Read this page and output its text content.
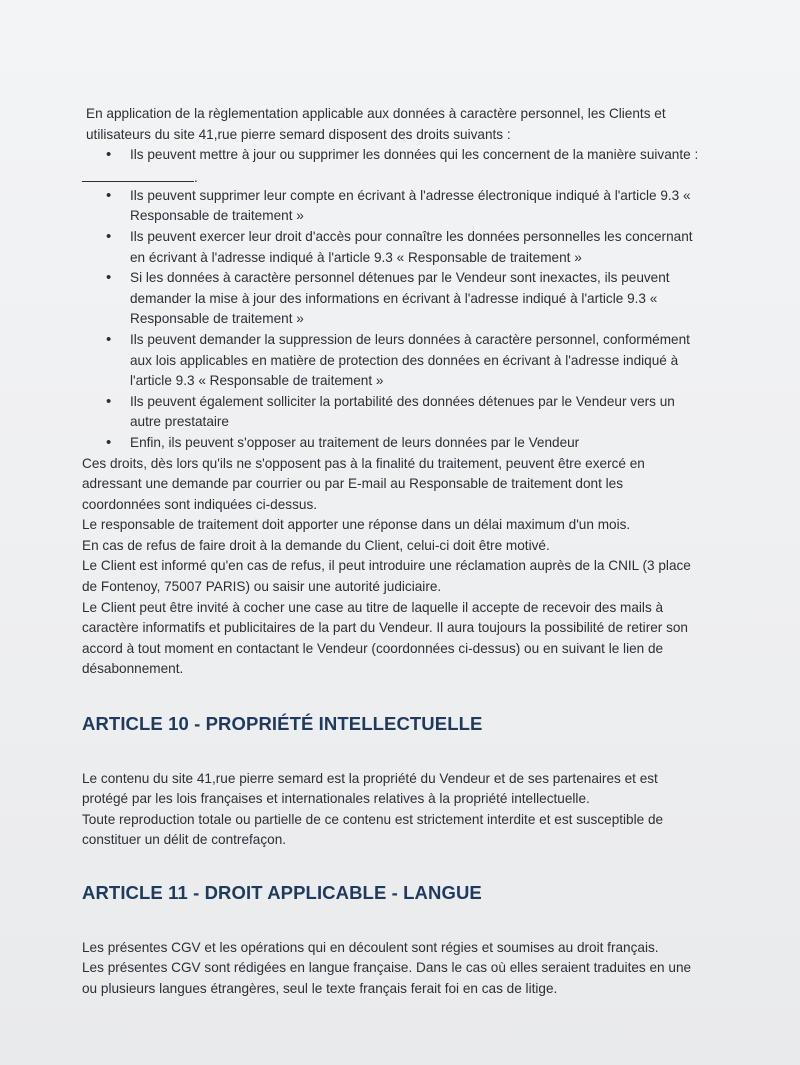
En application de la règlementation applicable aux données à caractère personnel, les Clients et utilisateurs du site 41,rue pierre semard disposent des droits suivants :

• Ils peuvent mettre à jour ou supprimer les données qui les concernent de la manière suivante :
.
• Ils peuvent supprimer leur compte en écrivant à l'adresse électronique indiqué à l'article 9.3 « Responsable de traitement »
• Ils peuvent exercer leur droit d'accès pour connaître les données personnelles les concernant en écrivant à l'adresse indiqué à l'article 9.3 « Responsable de traitement »
• Si les données à caractère personnel détenues par le Vendeur sont inexactes, ils peuvent demander la mise à jour des informations en écrivant à l'adresse indiqué à l'article 9.3 « Responsable de traitement »
• Ils peuvent demander la suppression de leurs données à caractère personnel, conformément aux lois applicables en matière de protection des données en écrivant à l'adresse indiqué à l'article 9.3 « Responsable de traitement »
• Ils peuvent également solliciter la portabilité des données détenues par le Vendeur vers un autre prestataire
• Enfin, ils peuvent s'opposer au traitement de leurs données par le Vendeur

Ces droits, dès lors qu'ils ne s'opposent pas à la finalité du traitement, peuvent être exercé en adressant une demande par courrier ou par E-mail au Responsable de traitement dont les coordonnées sont indiquées ci-dessus.

Le responsable de traitement doit apporter une réponse dans un délai maximum d'un mois.

En cas de refus de faire droit à la demande du Client, celui-ci doit être motivé.

Le Client est informé qu'en cas de refus, il peut introduire une réclamation auprès de la CNIL (3 place de Fontenoy, 75007 PARIS) ou saisir une autorité judiciaire.

Le Client peut être invité à cocher une case au titre de laquelle il accepte de recevoir des mails à caractère informatifs et publicitaires de la part du Vendeur. Il aura toujours la possibilité de retirer son accord à tout moment en contactant le Vendeur (coordonnées ci-dessus) ou en suivant le lien de désabonnement.

ARTICLE 10 - PROPRIÉTÉ INTELLECTUELLE

Le contenu du site 41,rue pierre semard est la propriété du Vendeur et de ses partenaires et est protégé par les lois françaises et internationales relatives à la propriété intellectuelle.

Toute reproduction totale ou partielle de ce contenu est strictement interdite et est susceptible de constituer un délit de contrefaçon.

ARTICLE 11 - DROIT APPLICABLE - LANGUE

Les présentes CGV et les opérations qui en découlent sont régies et soumises au droit français.

Les présentes CGV sont rédigées en langue française. Dans le cas où elles seraient traduites en une ou plusieurs langues étrangères, seul le texte français ferait foi en cas de litige.
